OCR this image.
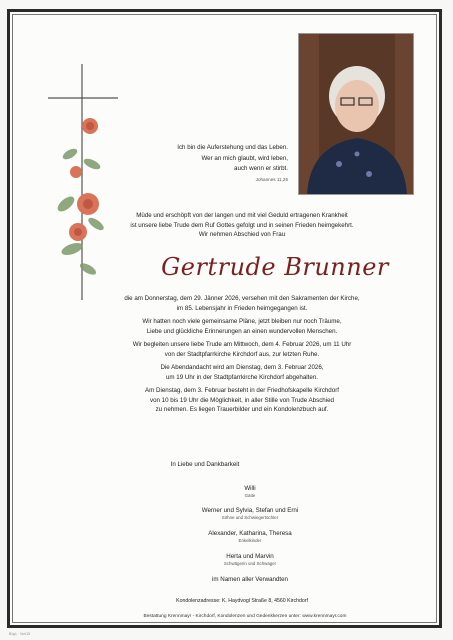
Ich bin die Auferstehung und das Leben.
Wer an mich glaubt, wird leben,
auch wenn er stirbt.
Johannes 11,25
Müde und erschöpft von der langen und mit viel Geduld ertragenen Krankheit
ist unsere liebe Trude dem Ruf Gottes gefolgt und in seinen Frieden heimgekehrt.
Wir nehmen Abschied von Frau
Gertrude Brunner
die am Donnerstag, dem 29. Jänner 2026, versehen mit den Sakramenten der Kirche,
im 85. Lebensjahr in Frieden heimgegangen ist.
Wir hatten noch viele gemeinsame Pläne, jetzt bleiben nur noch Träume,
Liebe und glückliche Erinnerungen an einen wundervollen Menschen.
Wir begleiten unsere liebe Trude am Mittwoch, dem 4. Februar 2026, um 11 Uhr
von der Stadtpfarrkirche Kirchdorf aus, zur letzten Ruhe.
Die Abendandacht wird am Dienstag, dem 3. Februar 2026,
um 19 Uhr in der Stadtpfarrkirche Kirchdorf abgehalten.
Am Dienstag, dem 3. Februar besteht in der Friedhofskapelle Kirchdorf
von 10 bis 19 Uhr die Möglichkeit, in aller Stille von Trude Abschied
zu nehmen. Es liegen Trauerbilder und ein Kondolenzbuch auf.
In Liebe und Dankbarkeit
Willi
Gatte
Werner und Sylvia, Stefan und Erni
Söhne und Schwiegertöchter
Alexander, Katharina, Theresa
Enkelkinder
Herta und Marvin
Schwägerin und Schwager
im Namen aller Verwandten
Kondolenzadresse: K. Haydvogl Straße 8, 4560 Kirchdorf
Bestattung Krennmayr - Kirchdorf, Kondolenzen und Gedenkkerzen unter: www.krennmayr.com
B1g.L · Vorl.15
